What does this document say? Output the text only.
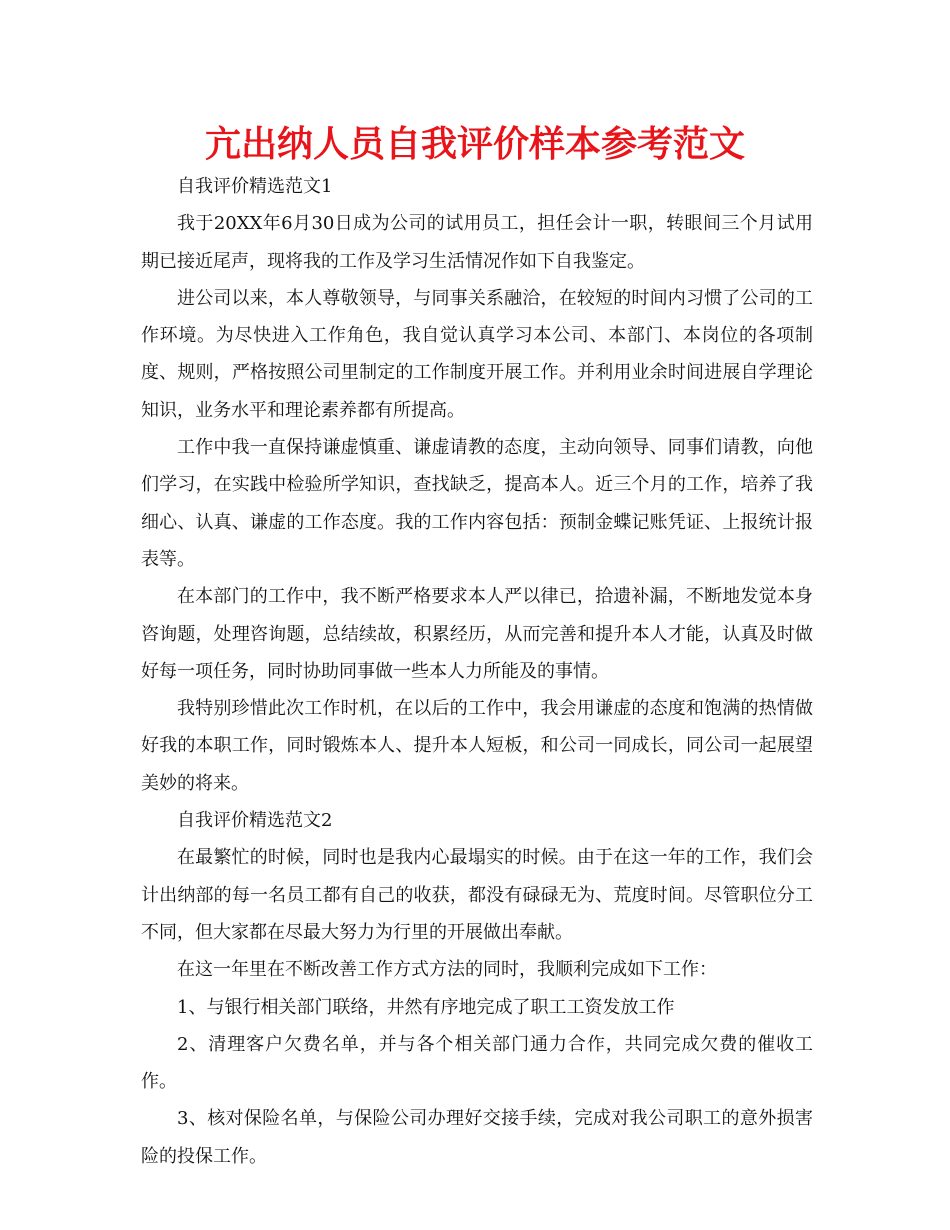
亢出纳人员自我评价样本参考范文

自我评价精选范文1

我于20XX年6月30日成为公司的试用员工，担任会计一职，转眼间三个月试用期已接近尾声，现将我的工作及学习生活情况作如下自我鉴定。

进公司以来，本人尊敬领导，与同事关系融洽，在较短的时间内习惯了公司的工作环境。为尽快进入工作角色，我自觉认真学习本公司、本部门、本岗位的各项制度、规则，严格按照公司里制定的工作制度开展工作。并利用业余时间进展自学理论知识，业务水平和理论素养都有所提高。

工作中我一直保持谦虚慎重、谦虚请教的态度，主动向领导、同事们请教，向他们学习，在实践中检验所学知识，查找缺乏，提高本人。近三个月的工作，培养了我细心、认真、谦虚的工作态度。我的工作内容包括：预制金蝶记账凭证、上报统计报表等。

在本部门的工作中，我不断严格要求本人严以律已，拾遗补漏，不断地发觉本身咨询题，处理咨询题，总结续故，积累经历，从而完善和提升本人才能，认真及时做好每一项任务，同时协助同事做一些本人力所能及的事情。

我特别珍惜此次工作时机，在以后的工作中，我会用谦虚的态度和饱满的热情做好我的本职工作，同时锻炼本人、提升本人短板，和公司一同成长，同公司一起展望美妙的将来。

自我评价精选范文2

在最繁忙的时候，同时也是我内心最塌实的时候。由于在这一年的工作，我们会计出纳部的每一名员工都有自己的收获，都没有碌碌无为、荒度时间。尽管职位分工不同，但大家都在尽最大努力为行里的开展做出奉献。

在这一年里在不断改善工作方式方法的同时，我顺利完成如下工作：

1、与银行相关部门联络，井然有序地完成了职工工资发放工作

2、清理客户欠费名单，并与各个相关部门通力合作，共同完成欠费的催收工作。

3、核对保险名单，与保险公司办理好交接手续，完成对我公司职工的意外损害险的投保工作。
